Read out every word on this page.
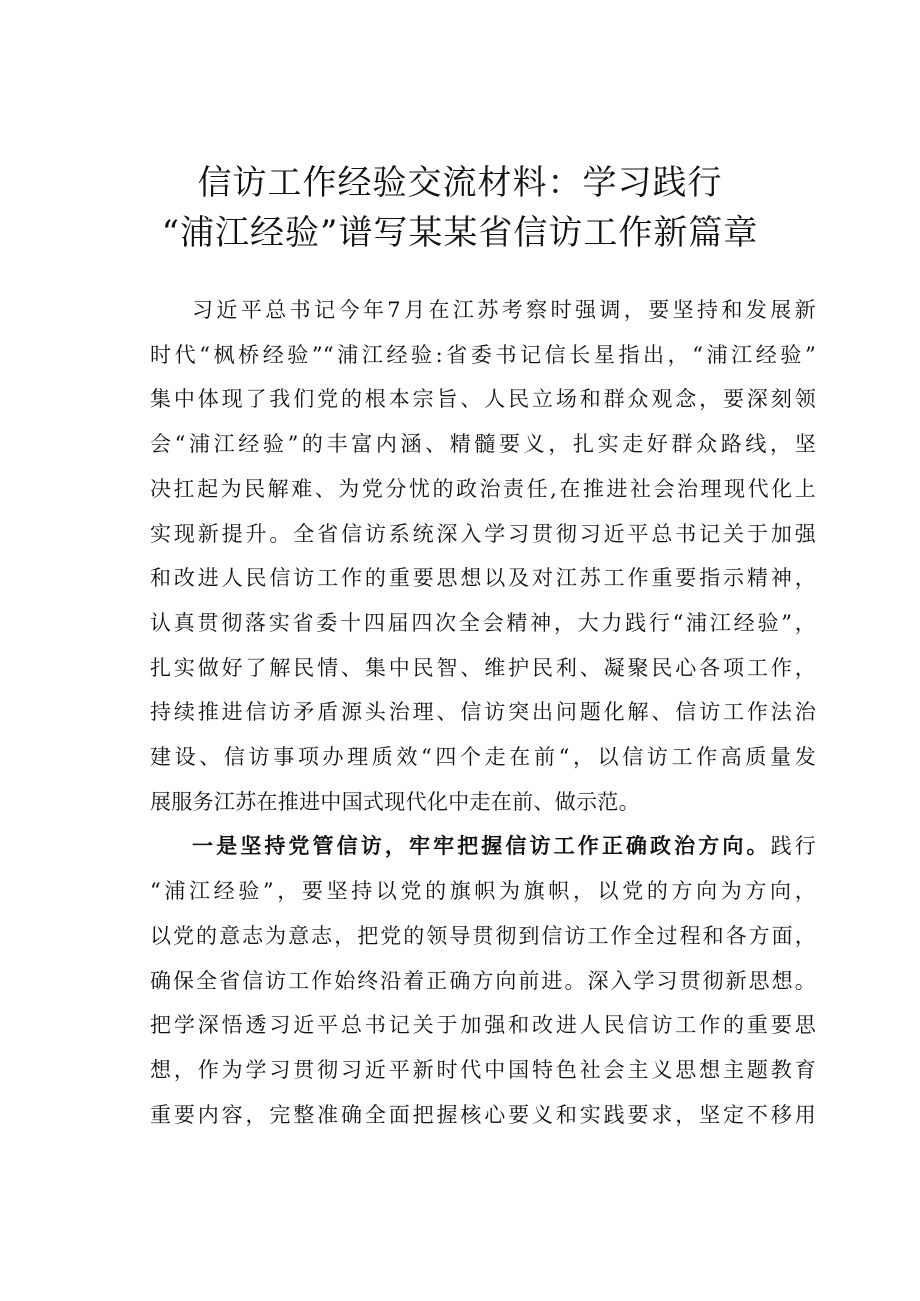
信访工作经验交流材料：学习践行
“浦江经验”谱写某某省信访工作新篇章
习近平总书记今年7月在江苏考察时强调，要坚持和发展新
时代“枫桥经验”“浦江经验:省委书记信长星指出，“浦江经验”
集中体现了我们党的根本宗旨、人民立场和群众观念，要深刻领
会“浦江经验”的丰富内涵、精髓要义，扎实走好群众路线，坚
决扛起为民解难、为党分忧的政治责任,在推进社会治理现代化上
实现新提升。全省信访系统深入学习贯彻习近平总书记关于加强
和改进人民信访工作的重要思想以及对江苏工作重要指示精神，
认真贯彻落实省委十四届四次全会精神，大力践行“浦江经验”，
扎实做好了解民情、集中民智、维护民利、凝聚民心各项工作，
持续推进信访矛盾源头治理、信访突出问题化解、信访工作法治
建设、信访事项办理质效“四个走在前“，以信访工作高质量发
展服务江苏在推进中国式现代化中走在前、做示范。
一是坚持党管信访，牢牢把握信访工作正确政治方向。践行
“浦江经验”，要坚持以党的旗帜为旗帜，以党的方向为方向，
以党的意志为意志，把党的领导贯彻到信访工作全过程和各方面，
确保全省信访工作始终沿着正确方向前进。深入学习贯彻新思想。
把学深悟透习近平总书记关于加强和改进人民信访工作的重要思
想，作为学习贯彻习近平新时代中国特色社会主义思想主题教育
重要内容，完整准确全面把握核心要义和实践要求，坚定不移用
